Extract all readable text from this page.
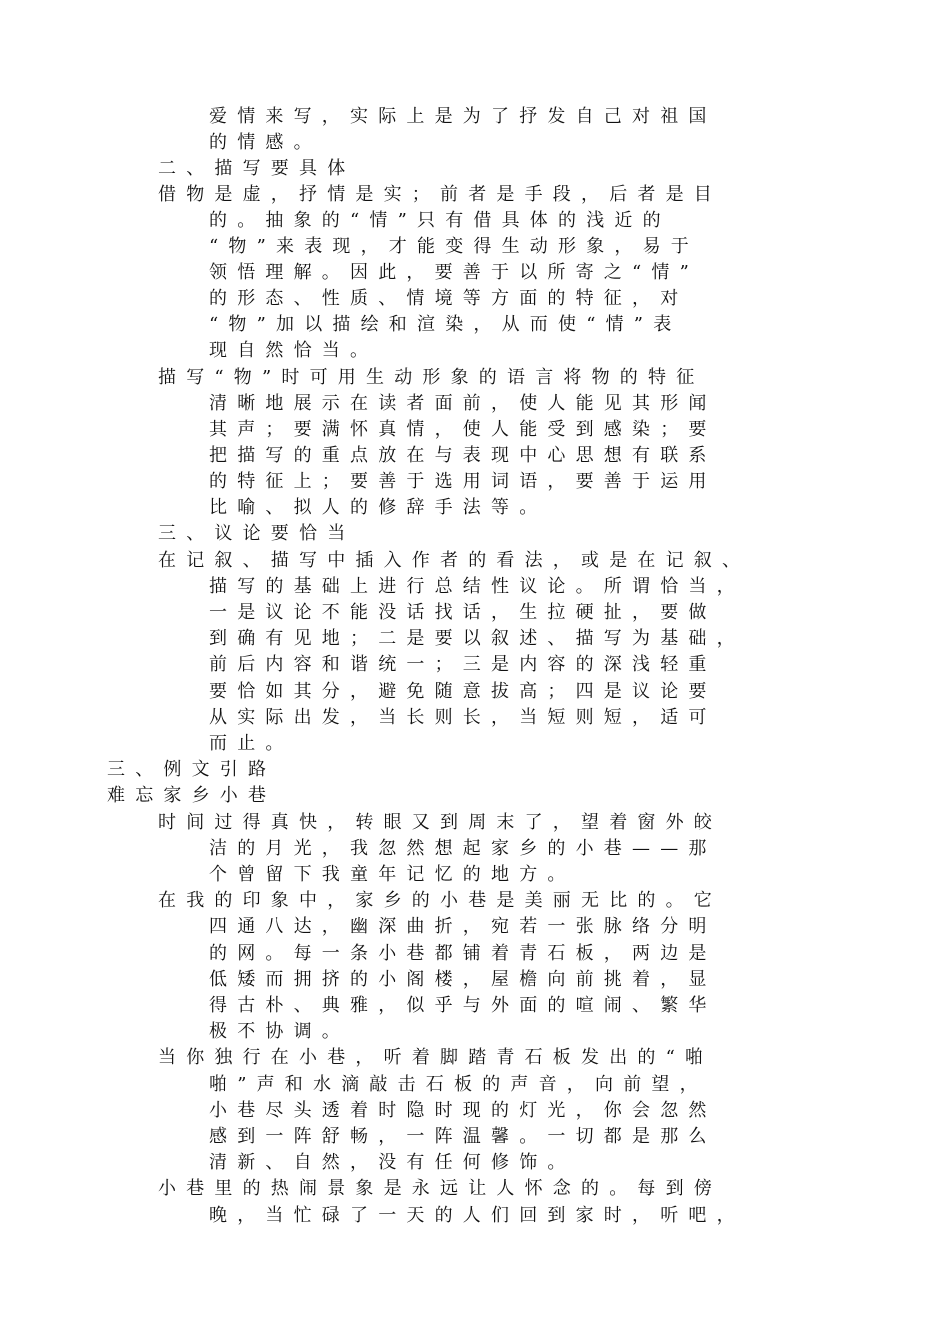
爱情来写，实际上是为了抒发自己对祖国
的情感。
二、描写要具体
借物是虚，抒情是实；前者是手段，后者是目
的。抽象的“情”只有借具体的浅近的
“物”来表现，才能变得生动形象，易于
领悟理解。因此，要善于以所寄之“情”
的形态、性质、情境等方面的特征，对
“物”加以描绘和渲染，从而使“情”表
现自然恰当。
描写“物”时可用生动形象的语言将物的特征
清晰地展示在读者面前，使人能见其形闻
其声；要满怀真情，使人能受到感染；要
把描写的重点放在与表现中心思想有联系
的特征上；要善于选用词语，要善于运用
比喻、拟人的修辞手法等。
三、议论要恰当
在记叙、描写中插入作者的看法，或是在记叙、
描写的基础上进行总结性议论。所谓恰当，
一是议论不能没话找话，生拉硬扯，要做
到确有见地；二是要以叙述、描写为基础，
前后内容和谐统一；三是内容的深浅轻重
要恰如其分，避免随意拔高；四是议论要
从实际出发，当长则长，当短则短，适可
而止。
三、例文引路
难忘家乡小巷
时间过得真快，转眼又到周末了，望着窗外皎
洁的月光，我忽然想起家乡的小巷——那
个曾留下我童年记忆的地方。
在我的印象中，家乡的小巷是美丽无比的。它
四通八达，幽深曲折，宛若一张脉络分明
的网。每一条小巷都铺着青石板，两边是
低矮而拥挤的小阁楼，屋檐向前挑着，显
得古朴、典雅，似乎与外面的喧闹、繁华
极不协调。
当你独行在小巷，听着脚踏青石板发出的“啪
啪”声和水滴敲击石板的声音，向前望，
小巷尽头透着时隐时现的灯光，你会忽然
感到一阵舒畅，一阵温馨。一切都是那么
清新、自然，没有任何修饰。
小巷里的热闹景象是永远让人怀念的。每到傍
晚，当忙碌了一天的人们回到家时，听吧，
